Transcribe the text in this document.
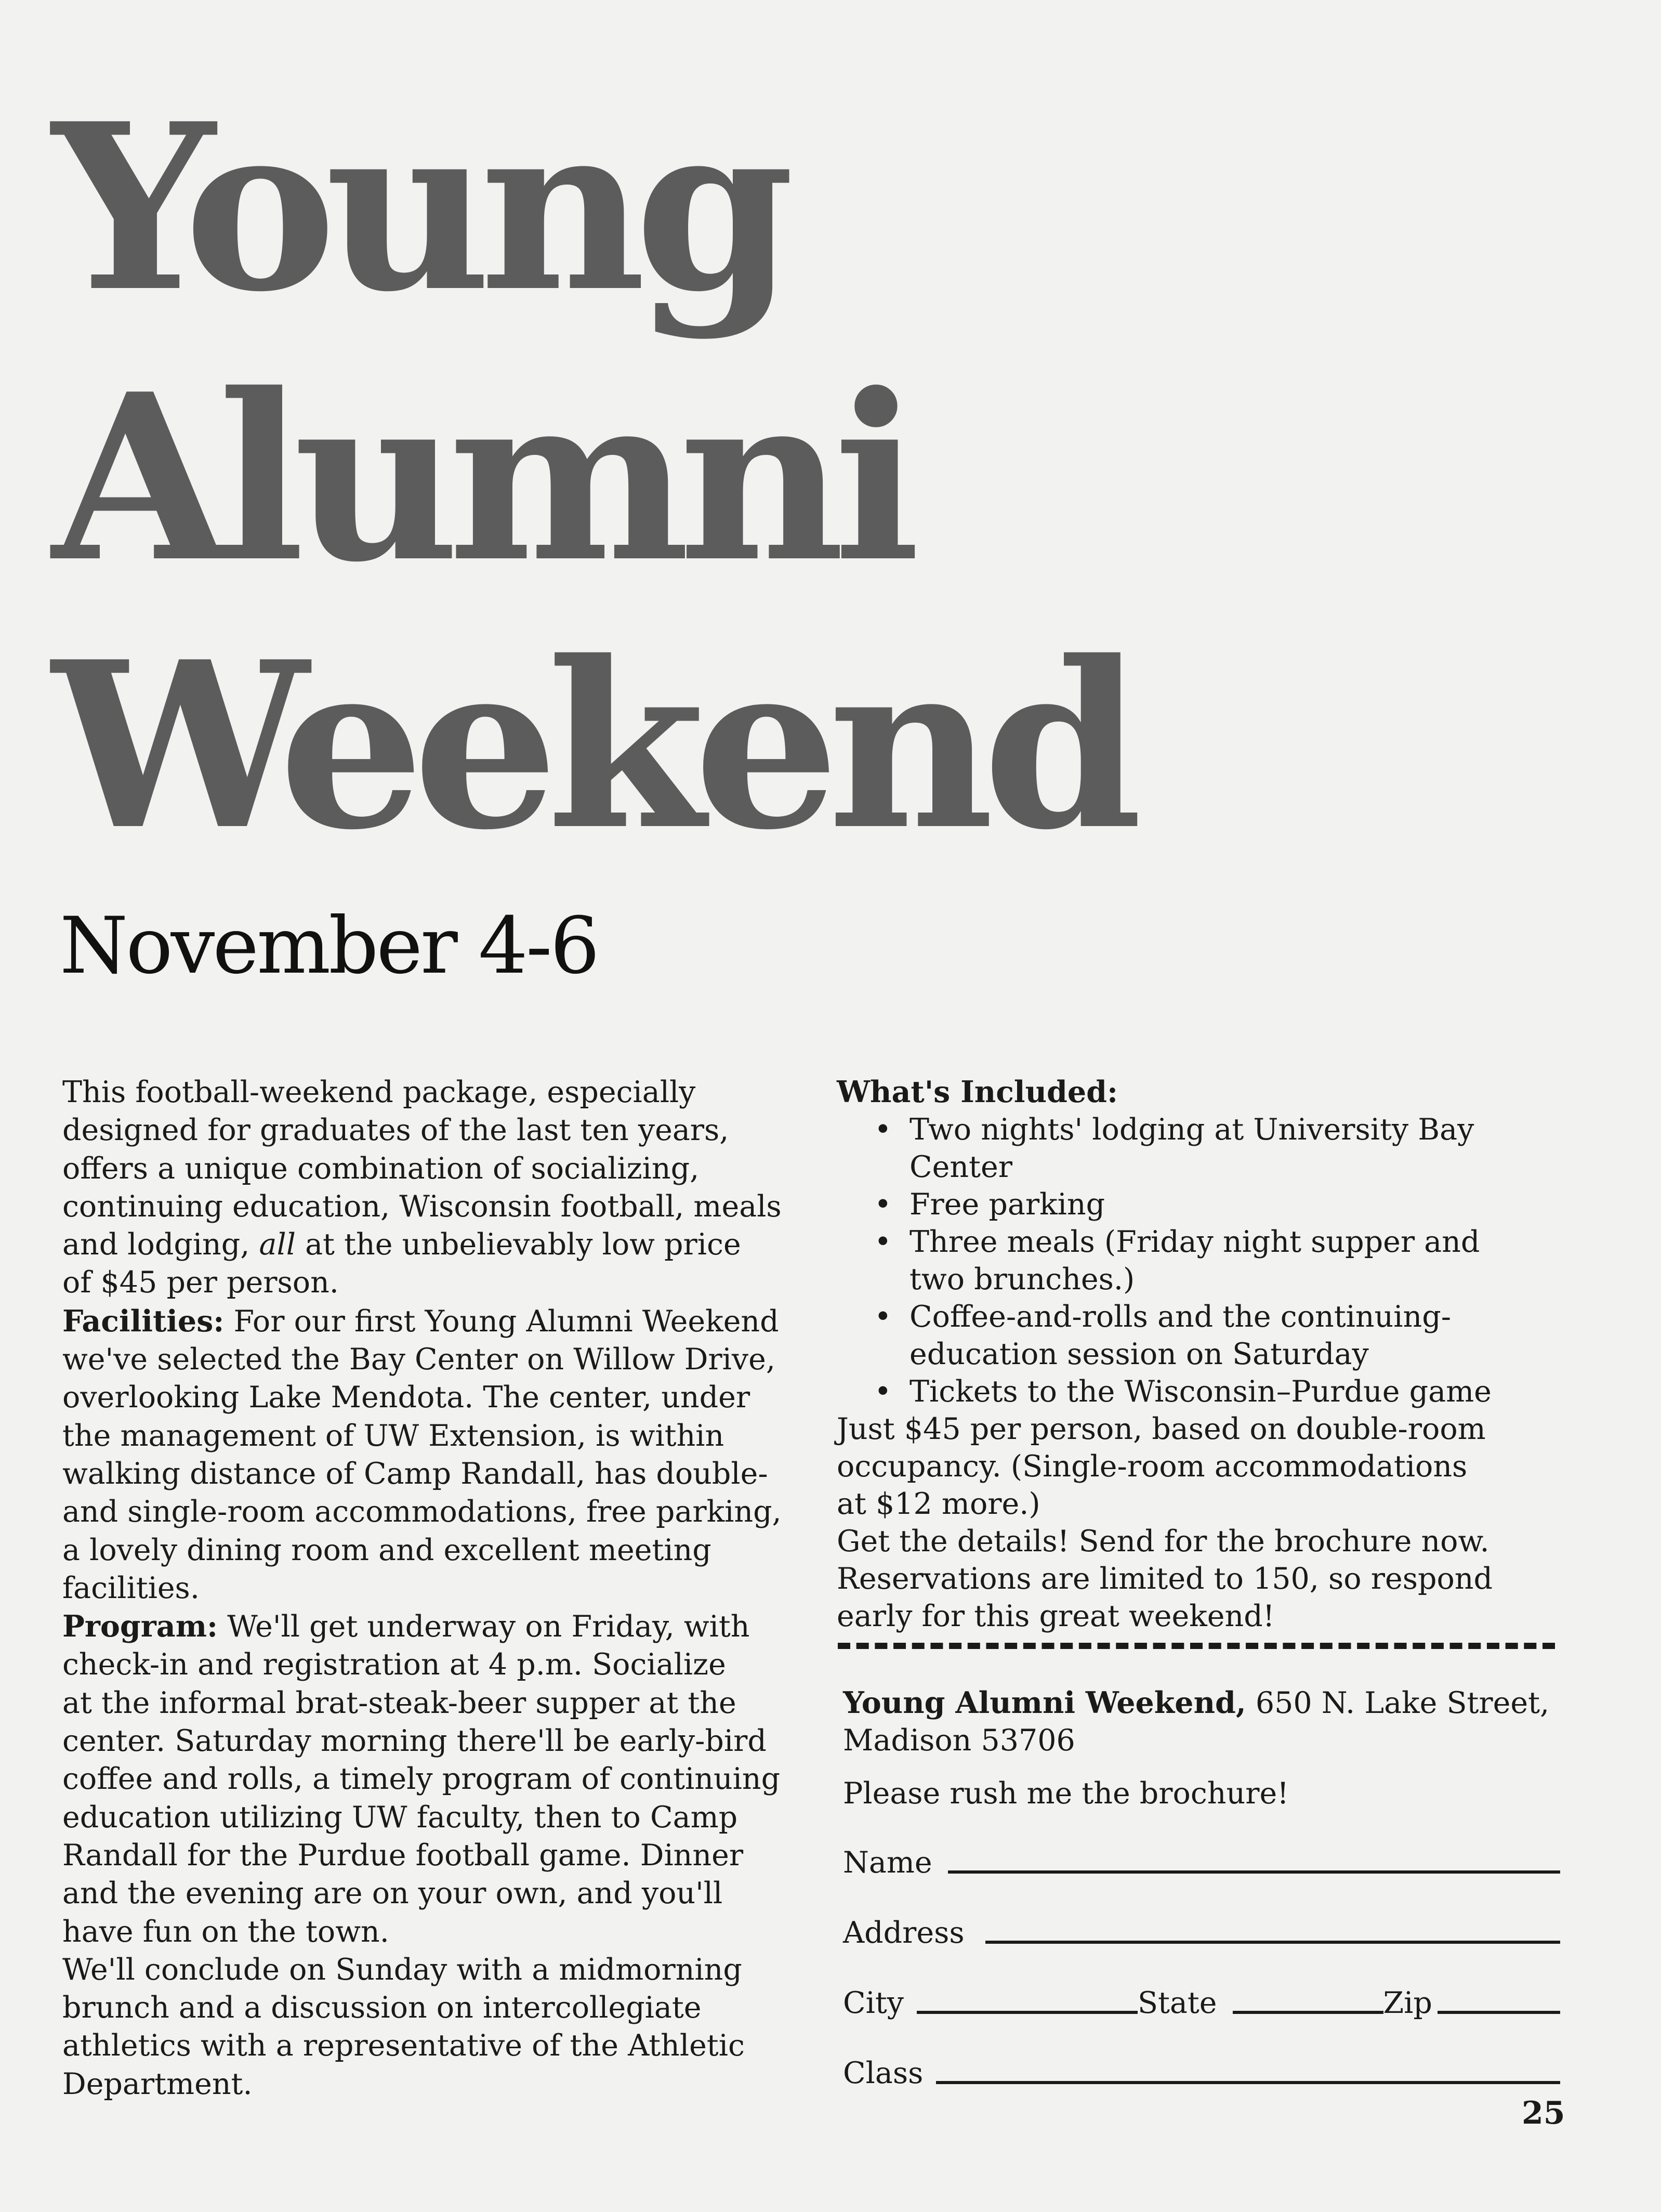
Young
Alumni
Weekend
November 4-6

This football-weekend package, especially

designed for graduates of the last ten years,

offers a unique combination of socializing,

continuing education, Wisconsin football, meals

and lodging, all at the unbelievably low price

of $45 per person.

Facilities: For our first Young Alumni Weekend

we've selected the Bay Center on Willow Drive,

overlooking Lake Mendota. The center, under

the management of UW Extension, is within

walking distance of Camp Randall, has double-

and single-room accommodations, free parking,

a lovely dining room and excellent meeting

facilities.

Program: We'll get underway on Friday, with

check-in and registration at 4 p.m. Socialize

at the informal brat-steak-beer supper at the

center. Saturday morning there'll be early-bird

coffee and rolls, a timely program of continuing

education utilizing UW faculty, then to Camp

Randall for the Purdue football game. Dinner

and the evening are on your own, and you'll

have fun on the town.

We'll conclude on Sunday with a midmorning

brunch and a discussion on intercollegiate

athletics with a representative of the Athletic

Department.

What's Included:

• Two nights' lodging at University Bay
Center
• Free parking
• Three meals (Friday night supper and
two brunches.)
• Coffee-and-rolls and the continuing-
education session on Saturday
• Tickets to the Wisconsin–Purdue game

Just $45 per person, based on double-room

occupancy. (Single-room accommodations

at $12 more.)

Get the details! Send for the brochure now.

Reservations are limited to 150, so respond

early for this great weekend!

Young Alumni Weekend, 650 N. Lake Street,

Madison 53706

Please rush me the brochure!

Name
Address
City	State	Zip
Class
25
